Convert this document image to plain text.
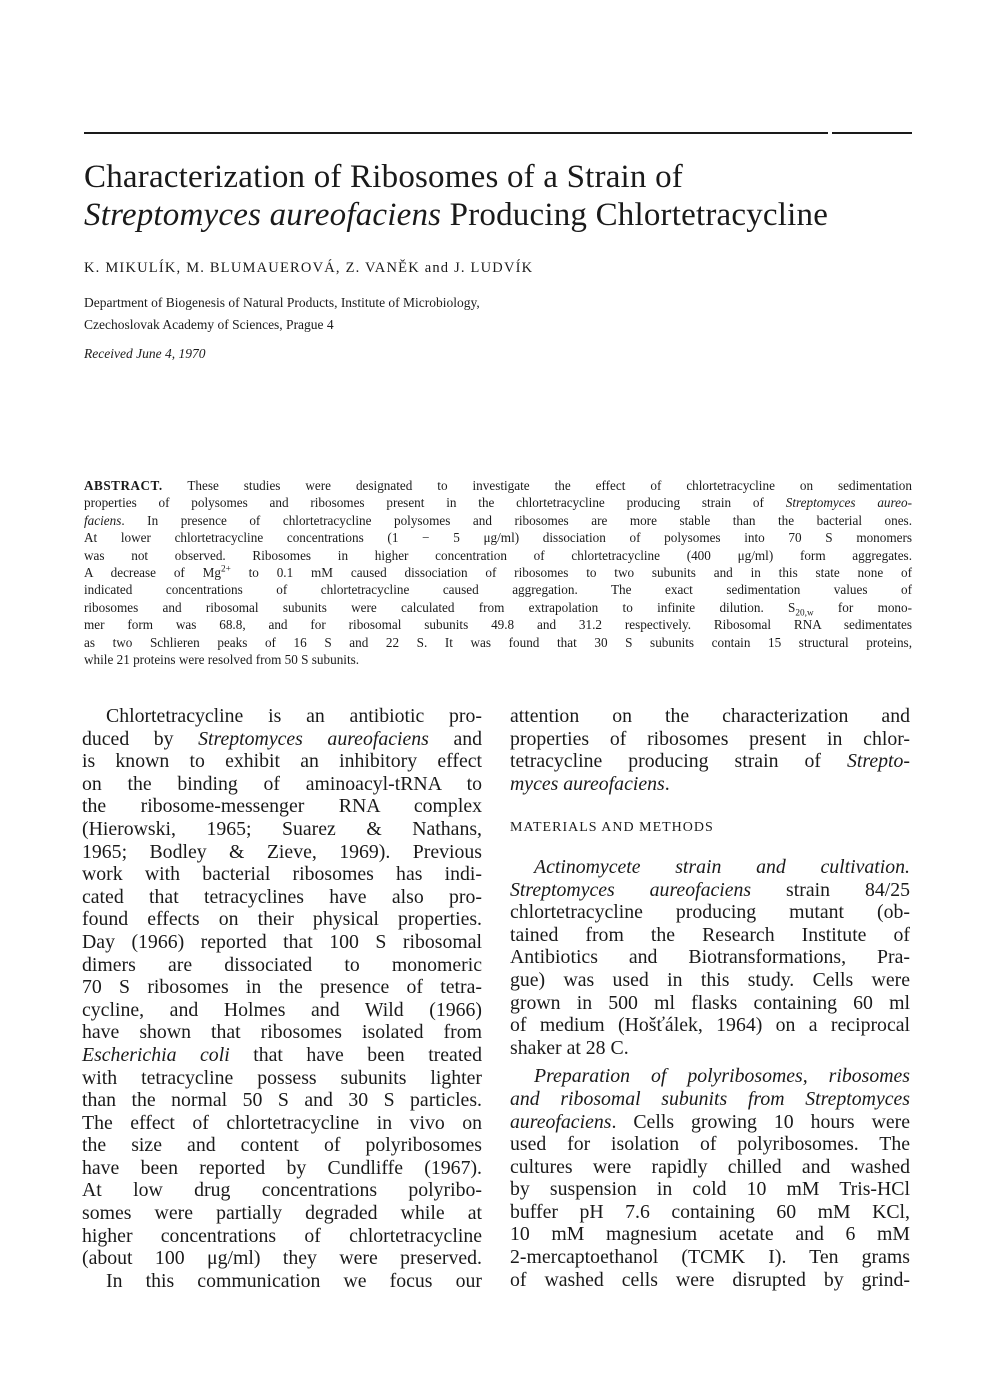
Characterization of Ribosomes of a Strain of
Streptomyces aureofaciens Producing Chlortetracycline
K. MIKULÍK, M. BLUMAUEROVÁ, Z. VANĚK and J. LUDVÍK
Department of Biogenesis of Natural Products, Institute of Microbiology,
Czechoslovak Academy of Sciences, Prague 4
Received June 4, 1970
ABSTRACT. These studies were designated to investigate the effect of chlortetracycline on sedimentation
properties of polysomes and ribosomes present in the chlortetracycline producing strain of Streptomyces aureo-
faciens. In presence of chlortetracycline polysomes and ribosomes are more stable than the bacterial ones.
At lower chlortetracycline concentrations (1 − 5 μg/ml) dissociation of polysomes into 70 S monomers
was not observed. Ribosomes in higher concentration of chlortetracycline (400 μg/ml) form aggregates.
A decrease of $Mg^{2+}$ to 0.1 mM caused dissociation of ribosomes to two subunits and in this state none of
indicated concentrations of chlortetracycline caused aggregation. The exact sedimentation values of
ribosomes and ribosomal subunits were calculated from extrapolation to infinite dilution. $S_{20,w}$ for mono-
mer form was 68.8, and for ribosomal subunits 49.8 and 31.2 respectively. Ribosomal RNA sedimentates
as two Schlieren peaks of 16 S and 22 S. It was found that 30 S subunits contain 15 structural proteins,
while 21 proteins were resolved from 50 S subunits.
Chlortetracycline is an antibiotic pro-
duced by Streptomyces aureofaciens and
is known to exhibit an inhibitory effect
on the binding of aminoacyl-tRNA to
the ribosome-messenger RNA complex
(Hierowski, 1965; Suarez & Nathans,
1965; Bodley & Zieve, 1969). Previous
work with bacterial ribosomes has indi-
cated that tetracyclines have also pro-
found effects on their physical properties.
Day (1966) reported that 100 S ribosomal
dimers are dissociated to monomeric
70 S ribosomes in the presence of tetra-
cycline, and Holmes and Wild (1966)
have shown that ribosomes isolated from
Escherichia coli that have been treated
with tetracycline possess subunits lighter
than the normal 50 S and 30 S particles.
The effect of chlortetracycline in vivo on
the size and content of polyribosomes
have been reported by Cundliffe (1967).
At low drug concentrations polyribo-
somes were partially degraded while at
higher concentrations of chlortetracycline
(about 100 μg/ml) they were preserved.
In this communication we focus our
attention on the characterization and
properties of ribosomes present in chlor-
tetracycline producing strain of Strepto-
myces aureofaciens.
MATERIALS AND METHODS
Actinomycete strain and cultivation.
Streptomyces aureofaciens strain 84/25
chlortetracycline producing mutant (ob-
tained from the Research Institute of
Antibiotics and Biotransformations, Pra-
gue) was used in this study. Cells were
grown in 500 ml flasks containing 60 ml
of medium (Hošťálek, 1964) on a reciprocal
shaker at 28 C.
Preparation of polyribosomes, ribosomes
and ribosomal subunits from Streptomyces
aureofaciens. Cells growing 10 hours were
used for isolation of polyribosomes. The
cultures were rapidly chilled and washed
by suspension in cold 10 mM Tris-HCl
buffer pH 7.6 containing 60 mM KCl,
10 mM magnesium acetate and 6 mM
2-mercaptoethanol (TCMK I). Ten grams
of washed cells were disrupted by grind-
